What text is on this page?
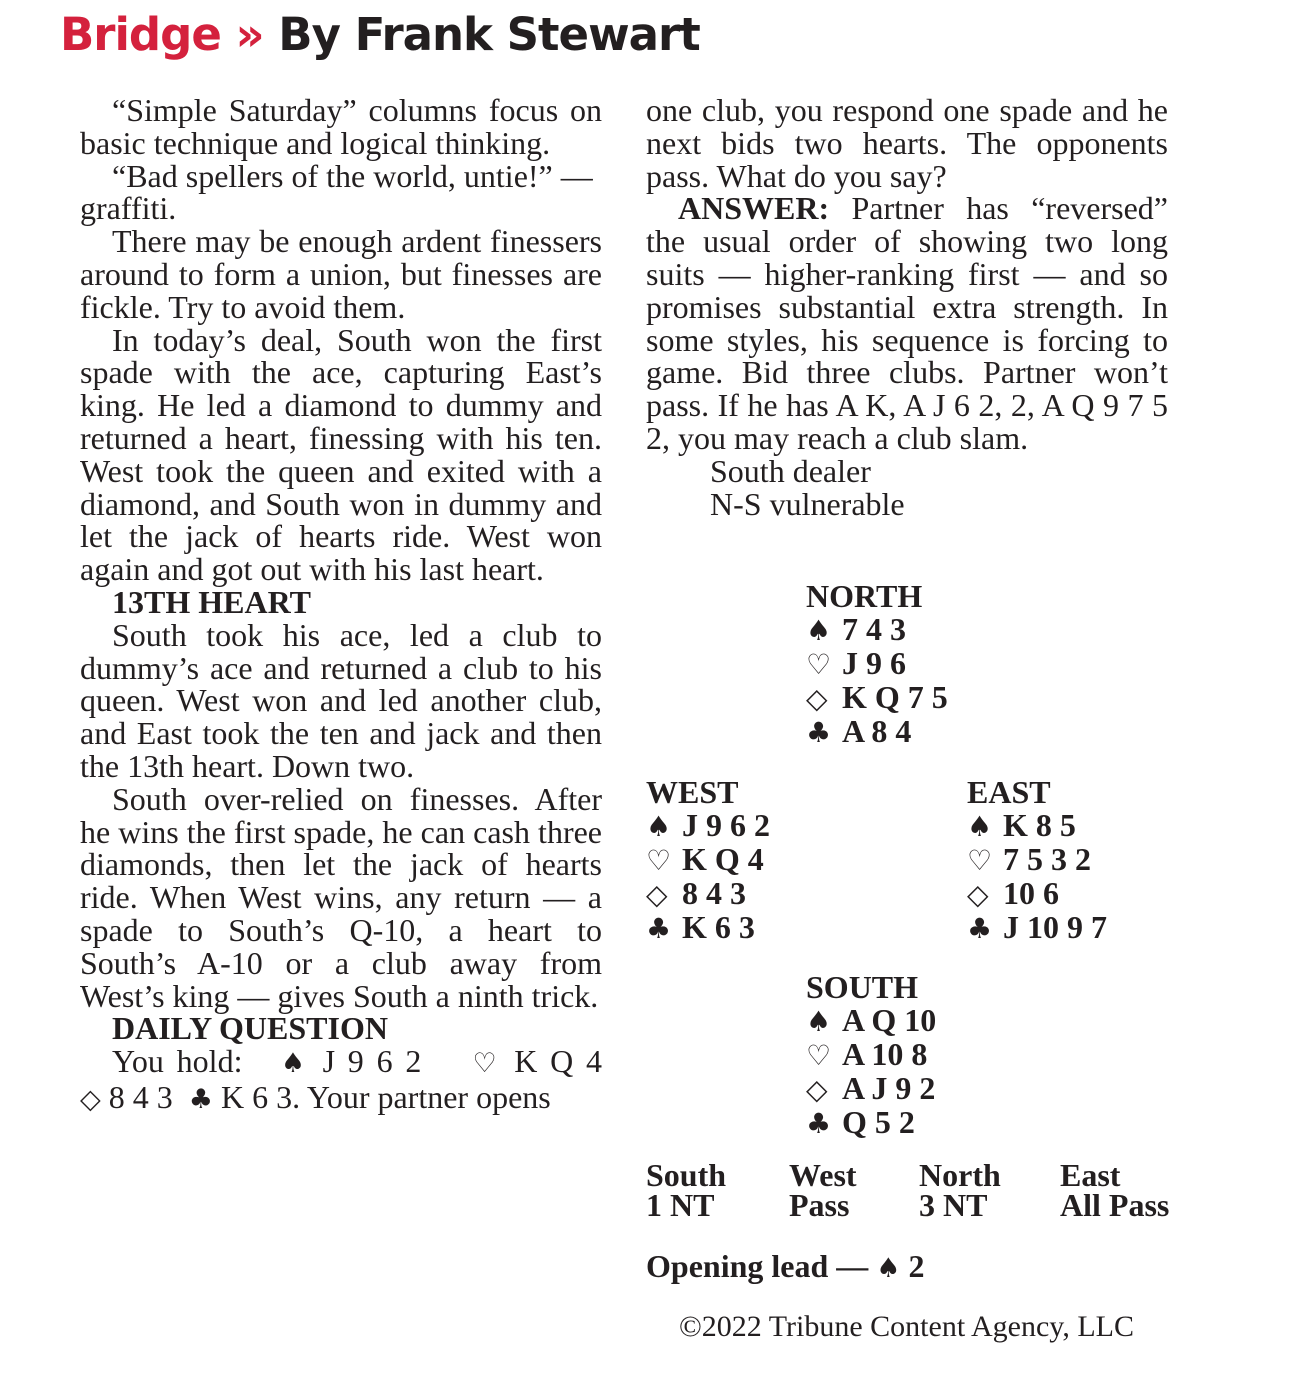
Bridge » By Frank Stewart

“Simple Saturday” columns focus on basic technique and logical thinking.

“Bad spellers of the world, untie!” — graffiti.

There may be enough ardent finessers around to form a union, but finesses are fickle. Try to avoid them.

In today’s deal, South won the first spade with the ace, capturing East’s king. He led a diamond to dummy and returned a heart, finessing with his ten. West took the queen and exited with a diamond, and South won in dummy and let the jack of hearts ride. West won again and got out with his last heart.

13TH HEART

South took his ace, led a club to dummy’s ace and returned a club to his queen. West won and led another club, and East took the ten and jack and then the 13th heart. Down two.

South over-relied on finesses. After he wins the first spade, he can cash three diamonds, then let the jack of hearts ride. When West wins, any return — a spade to South’s Q-10, a heart to South’s A-10 or a club away from West’s king — gives South a ninth trick.

DAILY QUESTION

You hold: ♠ J 9 6 2 ♡ K Q 4 ◇ 8 4 3 ♣ K 6 3. Your partner opens

one club, you respond one spade and he next bids two hearts. The opponents pass. What do you say?

ANSWER: Partner has “reversed” the usual order of showing two long suits — higher-ranking first — and so promises substantial extra strength. In some styles, his sequence is forcing to game. Bid three clubs. Partner won’t pass. If he has A K, A J 6 2, 2, A Q 9 7 5 2, you may reach a club slam.

South dealer

N-S vulnerable

NORTH
♠ 7 4 3
♡ J 9 6
◇ K Q 7 5
♣ A 8 4
WEST
♠ J 9 6 2
♡ K Q 4
◇ 8 4 3
♣ K 6 3
EAST
♠ K 8 5
♡ 7 5 3 2
◇ 10 6
♣ J 10 9 7
SOUTH
♠ A Q 10
♡ A 10 8
◇ A J 9 2
♣ Q 5 2
South
1 NT
West
Pass
North
3 NT
East
All Pass
Opening lead — ♠ 2
©2022 Tribune Content Agency, LLC
